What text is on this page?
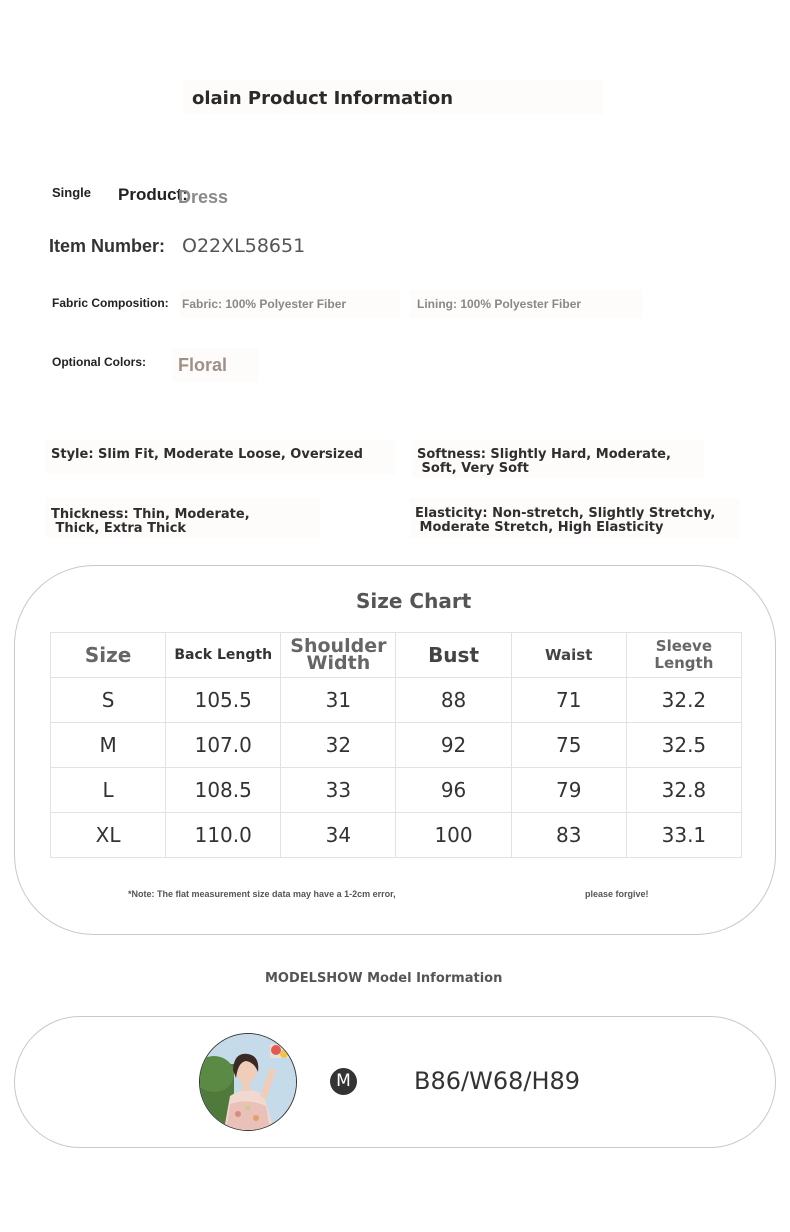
olain Product Information
Single Product:
Dress
Item Number: O22XL58651
Fabric Composition: Fabric: 100% Polyester Fiber	Lining: 100% Polyester Fiber
Optional Colors: Floral
Style: Slim Fit, Moderate Loose, Oversized	Softness: Slightly Hard, Moderate,
Soft, Very Soft
Thickness: Thin, Moderate,
Thick, Extra Thick
Elasticity: Non-stretch, Slightly Stretchy,
Moderate Stretch, High Elasticity
Size Chart
Size	Back Length	Shoulder Width	Bust	Waist	Sleeve Length
S	105.5	31	88	71	32.2
M	107.0	32	92	75	32.5
L	108.5	33	96	79	32.8
XL	110.0	34	100	83	33.1
*Note: The flat measurement size data may have a 1-2cm error,	please forgive!
MODELSHOW Model Information
M	B86/W68/H89
